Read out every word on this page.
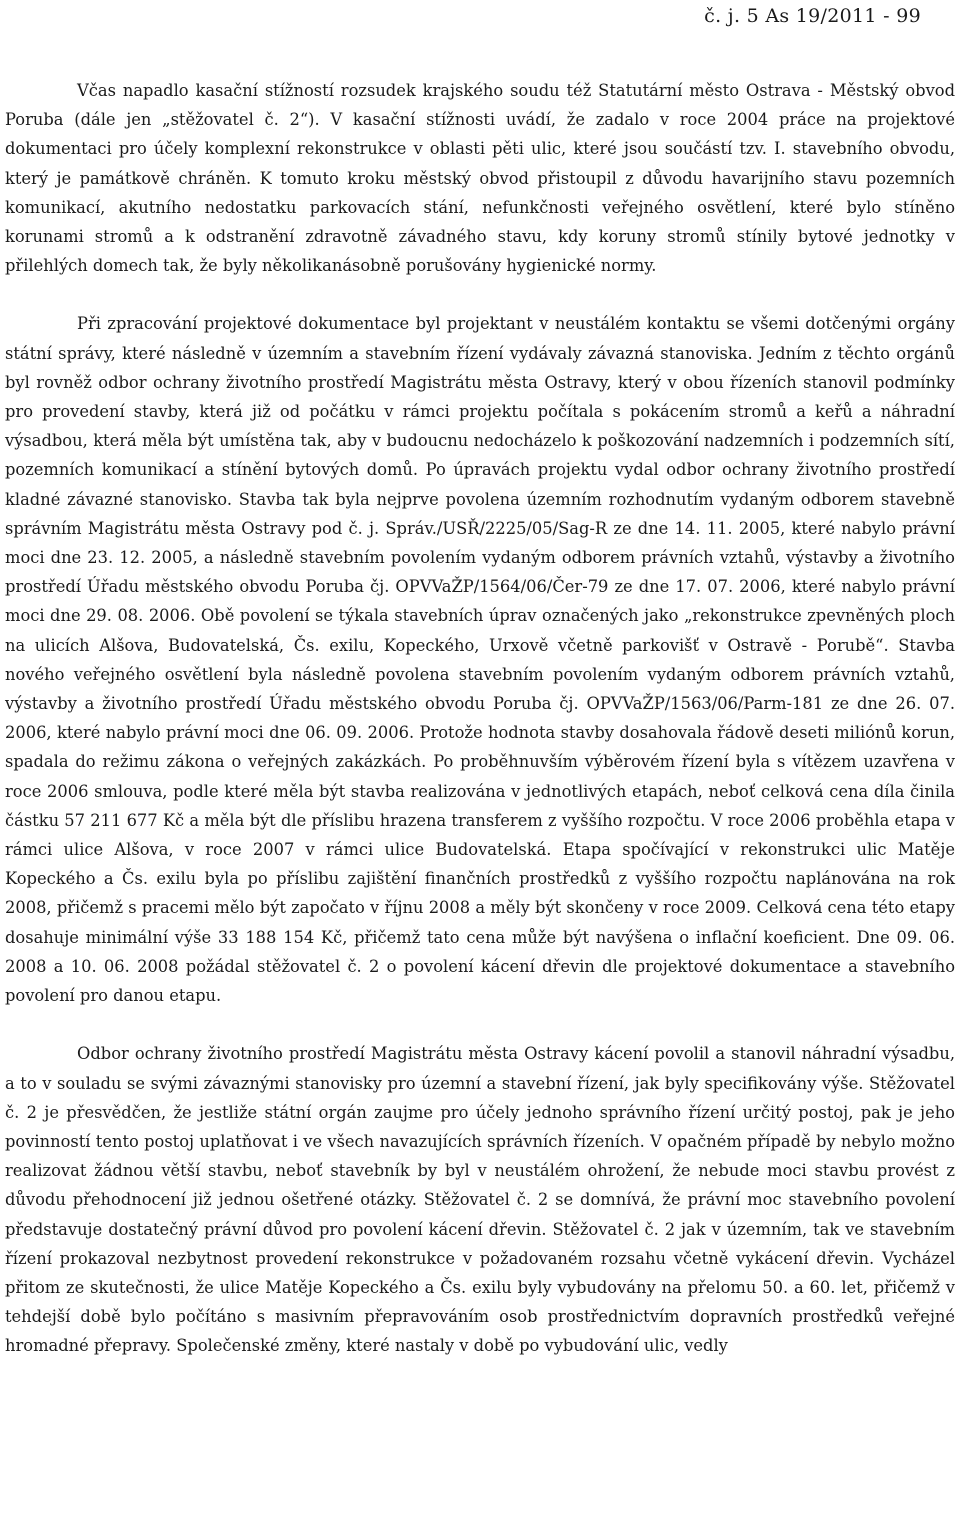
č. j. 5 As 19/2011 - 99

Včas napadlo kasační stížností rozsudek krajského soudu též Statutární město Ostrava - Městský obvod Poruba (dále jen „stěžovatel č. 2“). V kasační stížnosti uvádí, že zadalo v roce 2004 práce na projektové dokumentaci pro účely komplexní rekonstrukce v oblasti pěti ulic, které jsou součástí tzv. I. stavebního obvodu, který je památkově chráněn. K tomuto kroku městský obvod přistoupil z důvodu havarijního stavu pozemních komunikací, akutního nedostatku parkovacích stání, nefunkčnosti veřejného osvětlení, které bylo stíněno korunami stromů a k odstranění zdravotně závadného stavu, kdy koruny stromů stínily bytové jednotky v přilehlých domech tak, že byly několikanásobně porušovány hygienické normy.

Při zpracování projektové dokumentace byl projektant v neustálém kontaktu se všemi dotčenými orgány státní správy, které následně v územním a stavebním řízení vydávaly závazná stanoviska. Jedním z těchto orgánů byl rovněž odbor ochrany životního prostředí Magistrátu města Ostravy, který v obou řízeních stanovil podmínky pro provedení stavby, která již od počátku v rámci projektu počítala s pokácením stromů a keřů a náhradní výsadbou, která měla být umístěna tak, aby v budoucnu nedocházelo k poškozování nadzemních i podzemních sítí, pozemních komunikací a stínění bytových domů. Po úpravách projektu vydal odbor ochrany životního prostředí kladné závazné stanovisko. Stavba tak byla nejprve povolena územním rozhodnutím vydaným odborem stavebně správním Magistrátu města Ostravy pod č. j. Správ./USŘ/2225/05/Sag-R ze dne 14. 11. 2005, které nabylo právní moci dne 23. 12. 2005, a následně stavebním povolením vydaným odborem právních vztahů, výstavby a životního prostředí Úřadu městského obvodu Poruba čj. OPVVaŽP/1564/06/Čer-79 ze dne 17. 07. 2006, které nabylo právní moci dne 29. 08. 2006. Obě povolení se týkala stavebních úprav označených jako „rekonstrukce zpevněných ploch na ulicích Alšova, Budovatelská, Čs. exilu, Kopeckého, Urxově včetně parkovišť v Ostravě - Porubě“. Stavba nového veřejného osvětlení byla následně povolena stavebním povolením vydaným odborem právních vztahů, výstavby a životního prostředí Úřadu městského obvodu Poruba čj. OPVVaŽP/1563/06/Parm-181 ze dne 26. 07. 2006, které nabylo právní moci dne 06. 09. 2006. Protože hodnota stavby dosahovala řádově deseti miliónů korun, spadala do režimu zákona o veřejných zakázkách. Po proběhnuvším výběrovém řízení byla s vítězem uzavřena v roce 2006 smlouva, podle které měla být stavba realizována v jednotlivých etapách, neboť celková cena díla činila částku 57 211 677 Kč a měla být dle příslibu hrazena transferem z vyššího rozpočtu. V roce 2006 proběhla etapa v rámci ulice Alšova, v roce 2007 v rámci ulice Budovatelská. Etapa spočívající v rekonstrukci ulic Matěje Kopeckého a Čs. exilu byla po příslibu zajištění finančních prostředků z vyššího rozpočtu naplánována na rok 2008, přičemž s pracemi mělo být započato v říjnu 2008 a měly být skončeny v roce 2009. Celková cena této etapy dosahuje minimální výše 33 188 154 Kč, přičemž tato cena může být navýšena o inflační koeficient. Dne 09. 06. 2008 a 10. 06. 2008 požádal stěžovatel č. 2 o povolení kácení dřevin dle projektové dokumentace a stavebního povolení pro danou etapu.

Odbor ochrany životního prostředí Magistrátu města Ostravy kácení povolil a stanovil náhradní výsadbu, a to v souladu se svými závaznými stanovisky pro územní a stavební řízení, jak byly specifikovány výše. Stěžovatel č. 2 je přesvědčen, že jestliže státní orgán zaujme pro účely jednoho správního řízení určitý postoj, pak je jeho povinností tento postoj uplatňovat i ve všech navazujících správních řízeních. V opačném případě by nebylo možno realizovat žádnou větší stavbu, neboť stavebník by byl v neustálém ohrožení, že nebude moci stavbu provést z důvodu přehodnocení již jednou ošetřené otázky. Stěžovatel č. 2 se domnívá, že právní moc stavebního povolení představuje dostatečný právní důvod pro povolení kácení dřevin. Stěžovatel č. 2 jak v územním, tak ve stavebním řízení prokazoval nezbytnost provedení rekonstrukce v požadovaném rozsahu včetně vykácení dřevin. Vycházel přitom ze skutečnosti, že ulice Matěje Kopeckého a Čs. exilu byly vybudovány na přelomu 50. a 60. let, přičemž v tehdejší době bylo počítáno s masivním přepravováním osob prostřednictvím dopravních prostředků veřejné hromadné přepravy. Společenské změny, které nastaly v době po vybudování ulic, vedly
